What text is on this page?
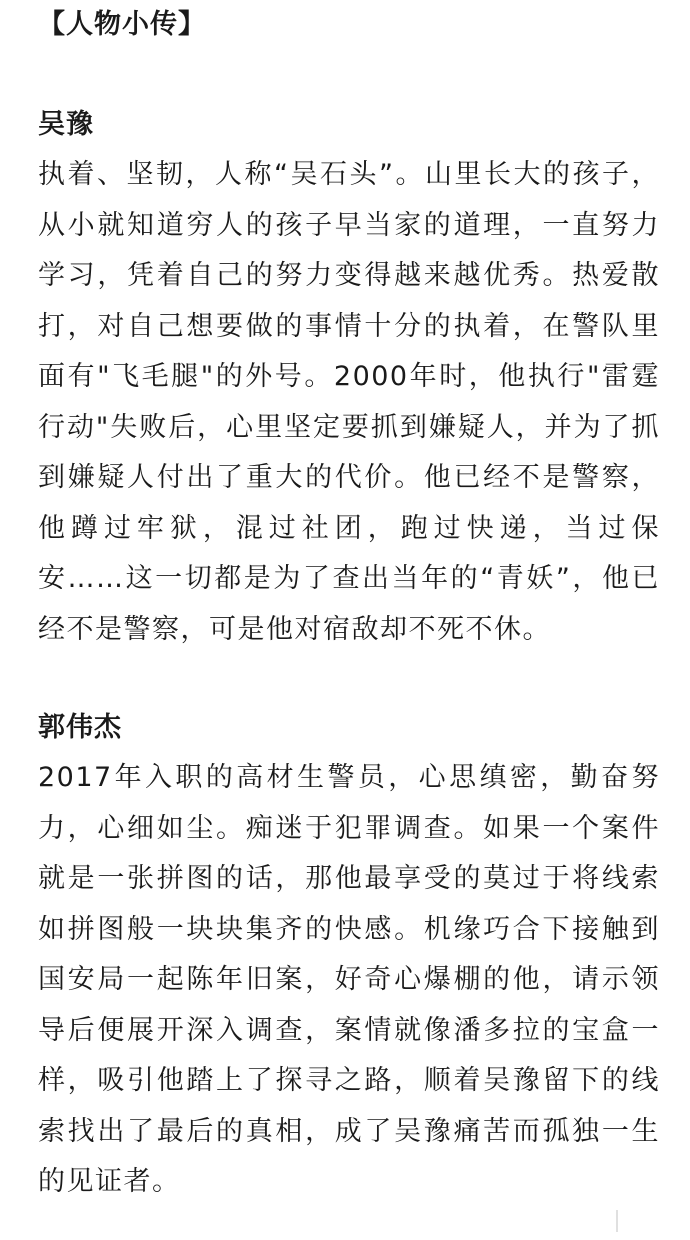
【人物小传】
吴豫

执着、坚韧，人称“吴石头”。山里长大的孩子，从小就知道穷人的孩子早当家的道理，一直努力学习，凭着自己的努力变得越来越优秀。热爱散打，对自己想要做的事情十分的执着，在警队里面有"飞毛腿"的外号。2000年时，他执行"雷霆行动"失败后，心里坚定要抓到嫌疑人，并为了抓到嫌疑人付出了重大的代价。他已经不是警察，他蹲过牢狱，混过社团，跑过快递，当过保安……这一切都是为了查出当年的“青妖”，他已经不是警察，可是他对宿敌却不死不休。

郭伟杰

2017年入职的高材生警员，心思缜密，勤奋努力，心细如尘。痴迷于犯罪调查。如果一个案件就是一张拼图的话，那他最享受的莫过于将线索如拼图般一块块集齐的快感。机缘巧合下接触到国安局一起陈年旧案，好奇心爆棚的他，请示领导后便展开深入调查，案情就像潘多拉的宝盒一样，吸引他踏上了探寻之路，顺着吴豫留下的线索找出了最后的真相，成了吴豫痛苦而孤独一生的见证者。
